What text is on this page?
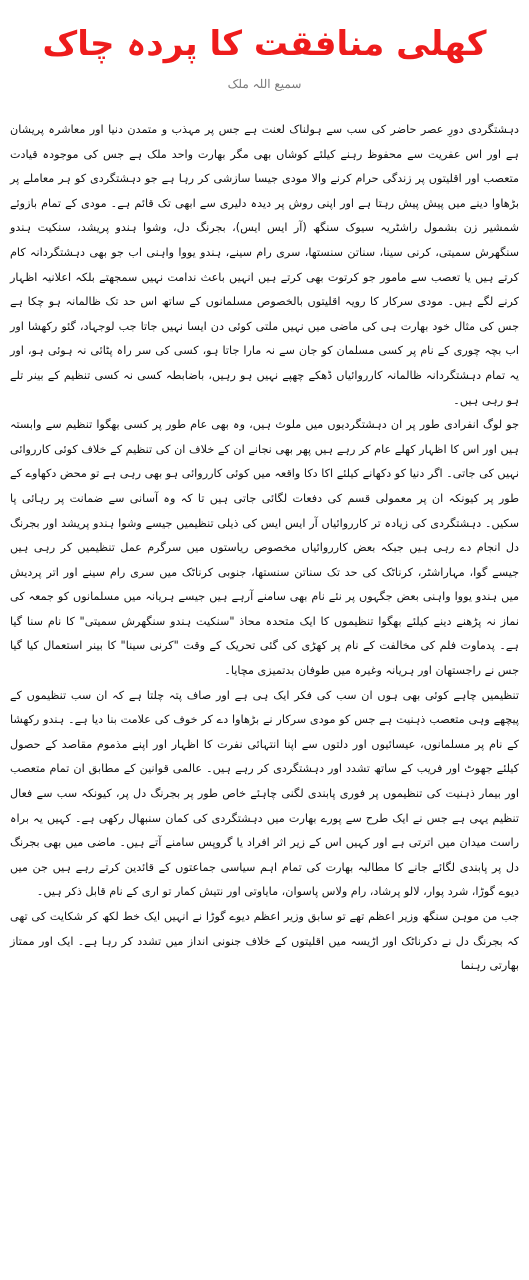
کھلی منافقت کا پردہ چاک
سمیع اللہ ملک

دہشتگردی دورِ عصر حاضر کی سب سے ہولناک لعنت ہے جس پر مہذب و متمدن دنیا اور معاشرہ پریشان ہے اور اس عفریت سے محفوظ رہنے کیلئے کوشاں بھی مگر بھارت واحد ملک ہے جس کی موجودہ قیادت متعصب اور اقلیتوں پر زندگی حرام کرنے والا مودی جیسا سازشی کر رہا ہے جو دہشتگردی کو ہر معاملے پر بڑھاوا دینے میں پیش پیش رہتا ہے اور اپنی روش پر دیدہ دلیری سے ابھی تک قائم ہے۔ مودی کے تمام بازوئے شمشیر زن بشمول راشٹریہ سیوک سنگھ (آر ایس ایس)، بجرنگ دل، وشوا ہندو پریشد، سنکیت ہندو سنگھرش سمیتی، کرنی سینا، سناتن سنستھا، سری رام سینے، ہندو یووا واہنی اب جو بھی دہشتگردانہ کام کرتے ہیں یا تعصب سے مامور جو کرتوت بھی کرتے ہیں انہیں باعث ندامت نہیں سمجھتے بلکہ اعلانیہ اظہار کرنے لگے ہیں۔ مودی سرکار کا رویہ اقلیتوں بالخصوص مسلمانوں کے ساتھ اس حد تک ظالمانہ ہو چکا ہے جس کی مثال خود بھارت ہی کی ماضی میں نہیں ملتی کوئی دن ایسا نہیں جاتا جب لوجہاد، گئو رکھشا اور اب بچہ چوری کے نام پر کسی مسلمان کو جان سے نہ مارا جاتا ہو، کسی کی سر راہ پٹائی نہ ہوئی ہو، اور یہ تمام دہشتگردانہ ظالمانہ کارروائیاں ڈھکے چھپے نہیں ہو رہیں، باضابطہ کسی نہ کسی تنظیم کے بینر تلے ہو رہی ہیں۔

جو لوگ انفرادی طور پر ان دہشتگردیوں میں ملوث ہیں، وہ بھی عام طور پر کسی بھگوا تنظیم سے وابستہ ہیں اور اس کا اظہار کھلے عام کر رہے ہیں پھر بھی نجانے ان کے خلاف ان کی تنظیم کے خلاف کوئی کارروائی نہیں کی جاتی۔ اگر دنیا کو دکھانے کیلئے اکا دکا واقعہ میں کوئی کارروائی ہو بھی رہی ہے تو محض دکھاوے کے طور پر کیونکہ ان پر معمولی قسم کی دفعات لگائی جاتی ہیں تا کہ وہ آسانی سے ضمانت پر رہائی پا سکیں۔ دہشتگردی کی زیادہ تر کارروائیاں آر ایس ایس کی ذیلی تنظیمیں جیسے وشوا ہندو پریشد اور بجرنگ دل انجام دے رہی ہیں جبکہ بعض کارروائیاں مخصوص ریاستوں میں سرگرم عمل تنظیمیں کر رہی ہیں جیسے گوا، مہاراشٹر، کرناٹک کی حد تک سناتن سنستھا، جنوبی کرناٹک میں سری رام سینے اور اتر پردیش میں ہندو یووا واہنی بعض جگہوں پر نئے نام بھی سامنے آرہے ہیں جیسے ہریانہ میں مسلمانوں کو جمعہ کی نماز نہ پڑھنے دینے کیلئے بھگوا تنظیموں کا ایک متحدہ محاذ "سنکیت ہندو سنگھرش سمیتی" کا نام سنا گیا ہے۔ پدماوت فلم کی مخالفت کے نام پر کھڑی کی گئی تحریک کے وقت "کرنی سینا" کا بینر استعمال کیا گیا جس نے راجستھان اور ہریانہ وغیرہ میں طوفان بدتمیزی مچایا۔

تنظیمیں چاہے کوئی بھی ہوں ان سب کی فکر ایک ہی ہے اور صاف پتہ چلتا ہے کہ ان سب تنظیموں کے پیچھے وہی متعصب ذہنیت ہے جس کو مودی سرکار نے بڑھاوا دے کر خوف کی علامت بنا دیا ہے۔ ہندو رکھشا کے نام پر مسلمانوں، عیسائیوں اور دلتوں سے اپنا انتہائی نفرت کا اظہار اور اپنے مذموم مقاصد کے حصول کیلئے جھوٹ اور فریب کے ساتھ تشدد اور دہشتگردی کر رہے ہیں۔ عالمی قوانین کے مطابق ان تمام متعصب اور بیمار ذہنیت کی تنظیموں پر فوری پابندی لگنی چاہئے خاص طور پر بجرنگ دل پر، کیونکہ سب سے فعال تنظیم یہی ہے جس نے ایک طرح سے پورے بھارت میں دہشتگردی کی کمان سنبھال رکھی ہے۔ کہیں یہ براہ راست میدان میں اترتی ہے اور کہیں اس کے زیر اثر افراد یا گروپس سامنے آتے ہیں۔ ماضی میں بھی بجرنگ دل پر پابندی لگائے جانے کا مطالبہ بھارت کی تمام اہم سیاسی جماعتوں کے قائدین کرتے رہے ہیں جن میں دیوے گوڑا، شرد پوار، لالو پرشاد، رام ولاس پاسوان، مایاوتی اور نتیش کمار تو اری کے نام قابل ذکر ہیں۔

جب من موہن سنگھ وزیر اعظم تھے تو سابق وزیر اعظم دیوے گوڑا نے انہیں ایک خط لکھ کر شکایت کی تھی کہ بجرنگ دل نے دکرناٹک اور اڑیسہ میں اقلیتوں کے خلاف جنونی انداز میں تشدد کر رہا ہے۔ ایک اور ممتاز بھارتی رہنما
